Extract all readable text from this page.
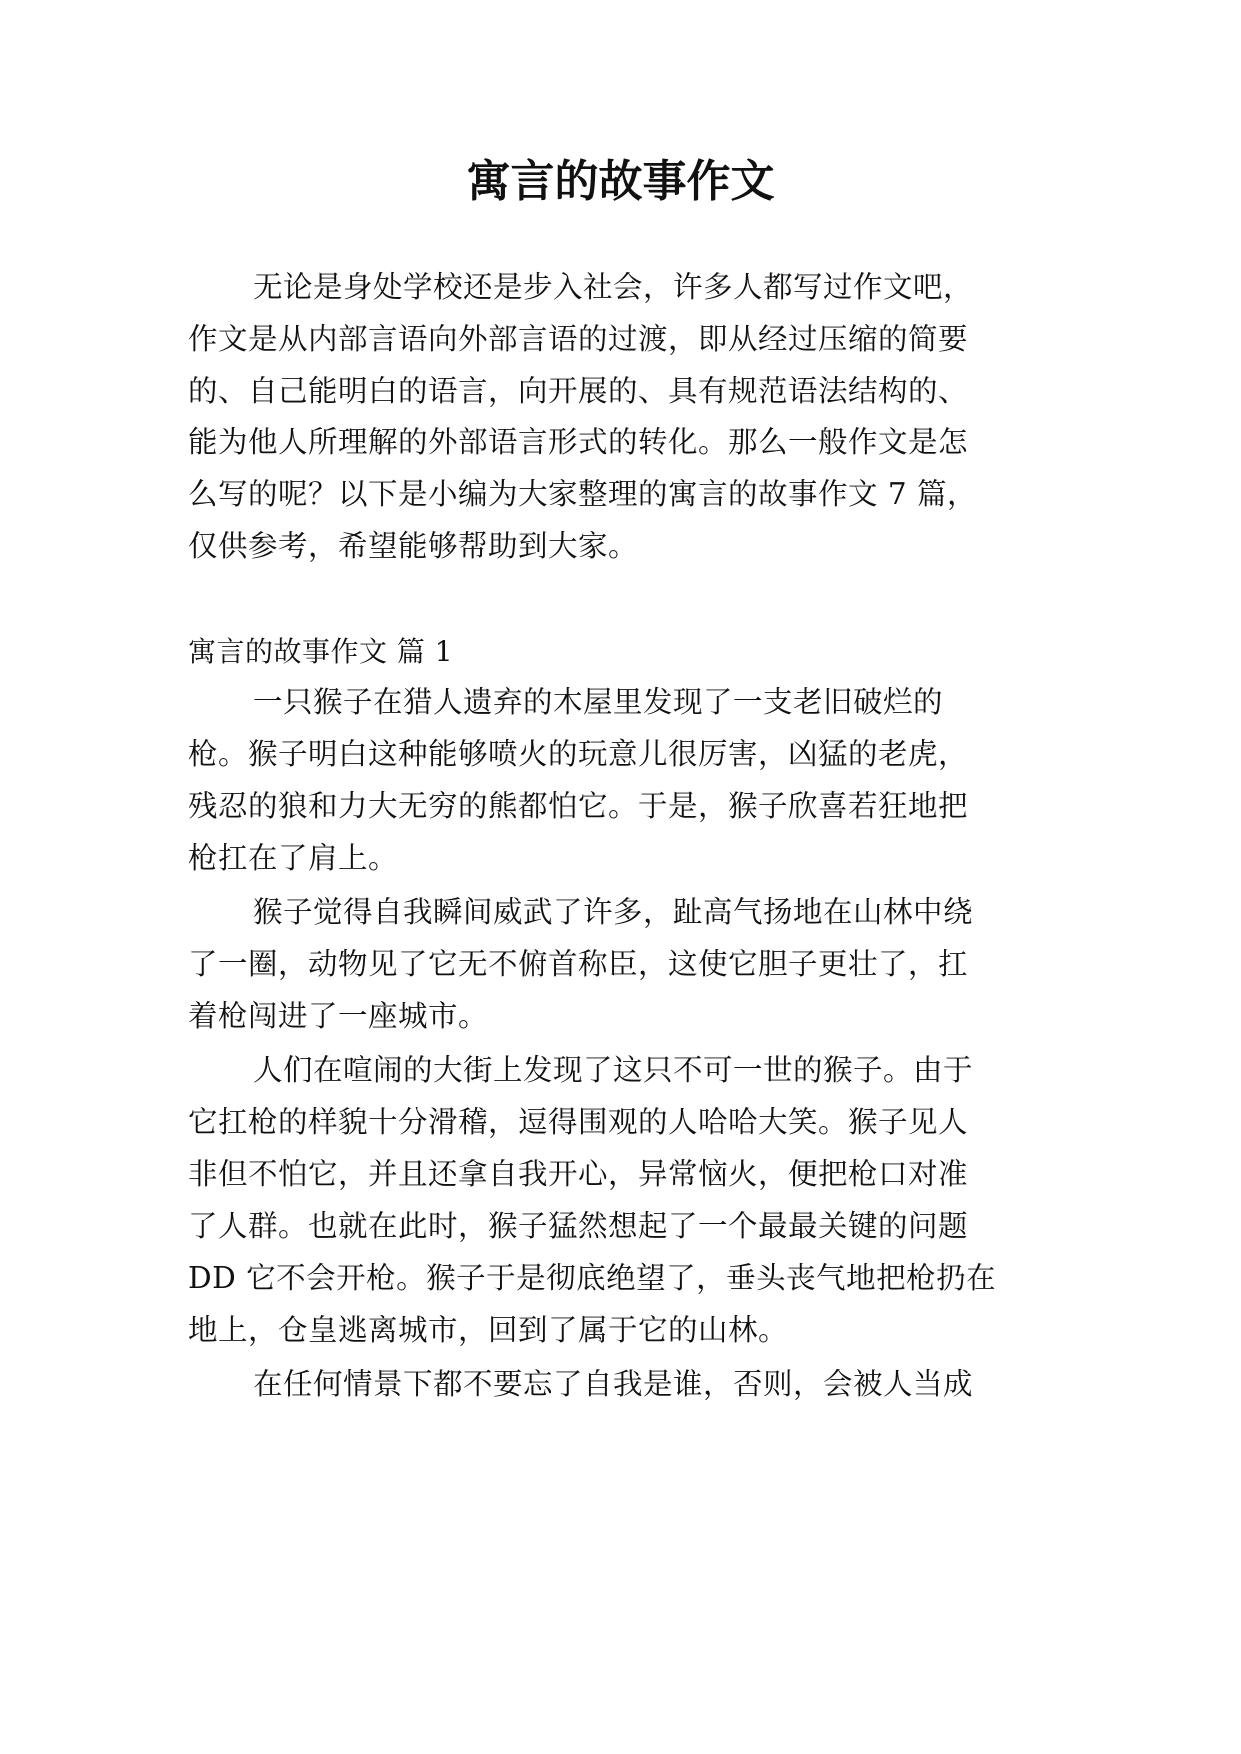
寓言的故事作文
无论是身处学校还是步入社会，许多人都写过作文吧，
作文是从内部言语向外部言语的过渡，即从经过压缩的简要
的、自己能明白的语言，向开展的、具有规范语法结构的、
能为他人所理解的外部语言形式的转化。那么一般作文是怎
么写的呢？以下是小编为大家整理的寓言的故事作文 7 篇，
仅供参考，希望能够帮助到大家。
寓言的故事作文 篇 1
一只猴子在猎人遗弃的木屋里发现了一支老旧破烂的
枪。猴子明白这种能够喷火的玩意儿很厉害，凶猛的老虎，
残忍的狼和力大无穷的熊都怕它。于是，猴子欣喜若狂地把
枪扛在了肩上。
猴子觉得自我瞬间威武了许多，趾高气扬地在山林中绕
了一圈，动物见了它无不俯首称臣，这使它胆子更壮了，扛
着枪闯进了一座城市。
人们在喧闹的大街上发现了这只不可一世的猴子。由于
它扛枪的样貌十分滑稽，逗得围观的人哈哈大笑。猴子见人
非但不怕它，并且还拿自我开心，异常恼火，便把枪口对准
了人群。也就在此时，猴子猛然想起了一个最最关键的问题
DD 它不会开枪。猴子于是彻底绝望了，垂头丧气地把枪扔在
地上，仓皇逃离城市，回到了属于它的山林。
在任何情景下都不要忘了自我是谁，否则，会被人当成
